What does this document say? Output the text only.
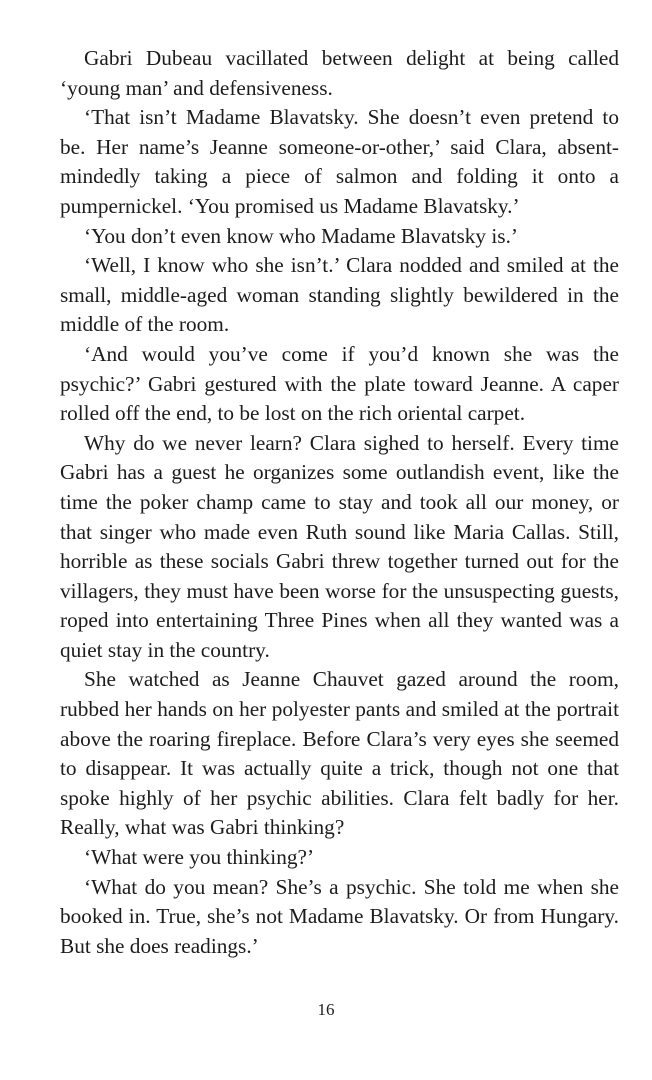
Gabri Dubeau vacillated between delight at being called ‘young man’ and defensiveness.

‘That isn’t Madame Blavatsky. She doesn’t even pretend to be. Her name’s Jeanne someone-or-other,’ said Clara, absent-mindedly taking a piece of salmon and folding it onto a pumpernickel. ‘You promised us Madame Blavatsky.’

‘You don’t even know who Madame Blavatsky is.’

‘Well, I know who she isn’t.’ Clara nodded and smiled at the small, middle-aged woman standing slightly bewildered in the middle of the room.

‘And would you’ve come if you’d known she was the psychic?’ Gabri gestured with the plate toward Jeanne. A caper rolled off the end, to be lost on the rich oriental carpet.

Why do we never learn? Clara sighed to herself. Every time Gabri has a guest he organizes some outlandish event, like the time the poker champ came to stay and took all our money, or that singer who made even Ruth sound like Maria Callas. Still, horrible as these socials Gabri threw together turned out for the villagers, they must have been worse for the unsuspecting guests, roped into entertaining Three Pines when all they wanted was a quiet stay in the country.

She watched as Jeanne Chauvet gazed around the room, rubbed her hands on her polyester pants and smiled at the portrait above the roaring fireplace. Before Clara’s very eyes she seemed to disappear. It was actually quite a trick, though not one that spoke highly of her psychic abilities. Clara felt badly for her. Really, what was Gabri thinking?

‘What were you thinking?’

‘What do you mean? She’s a psychic. She told me when she booked in. True, she’s not Madame Blavatsky. Or from Hungary. But she does readings.’

16
